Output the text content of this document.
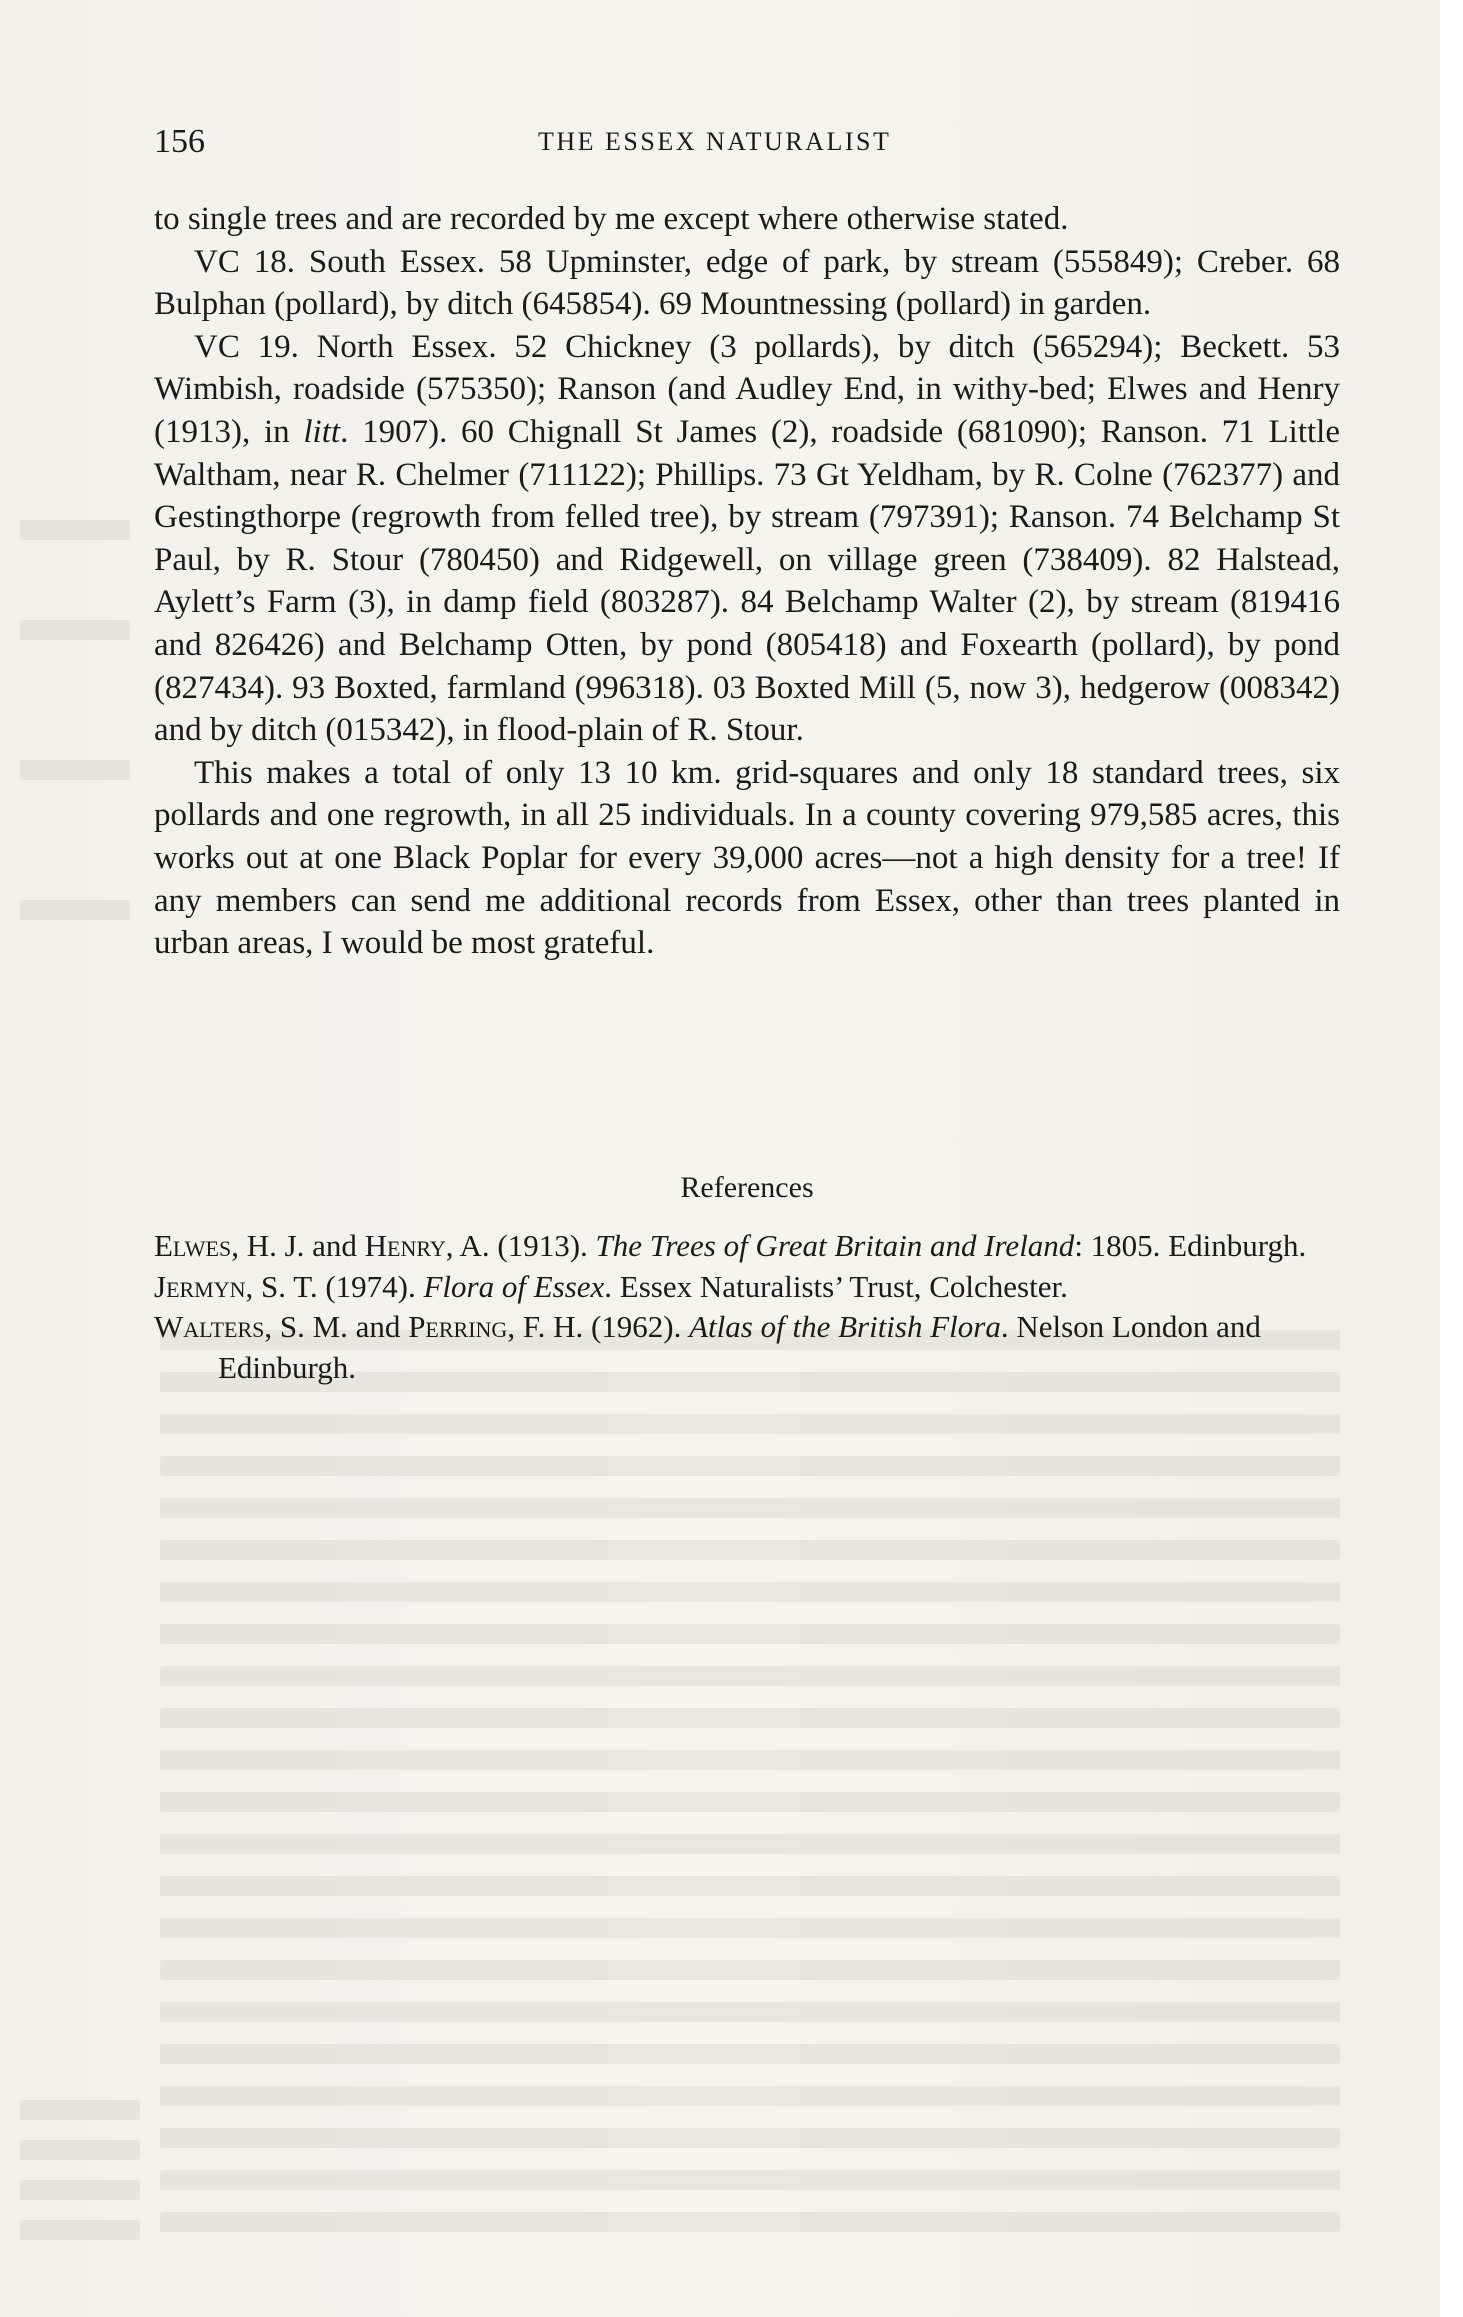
156	THE ESSEX NATURALIST

to single trees and are recorded by me except where otherwise stated.

VC 18. South Essex. 58 Upminster, edge of park, by stream (555849); Creber. 68 Bulphan (pollard), by ditch (645854). 69 Mountnessing (pollard) in garden.

VC 19. North Essex. 52 Chickney (3 pollards), by ditch (565294); Beckett. 53 Wimbish, roadside (575350); Ranson (and Audley End, in withy-bed; Elwes and Henry (1913), in litt. 1907). 60 Chignall St James (2), roadside (681090); Ranson. 71 Little Waltham, near R. Chelmer (711122); Phillips. 73 Gt Yeldham, by R. Colne (762377) and Gestingthorpe (regrowth from felled tree), by stream (797391); Ranson. 74 Belchamp St Paul, by R. Stour (780450) and Ridgewell, on village green (738409). 82 Halstead, Aylett’s Farm (3), in damp field (803287). 84 Belchamp Walter (2), by stream (819416 and 826426) and Belchamp Otten, by pond (805418) and Foxearth (pollard), by pond (827434). 93 Boxted, farmland (996318). 03 Boxted Mill (5, now 3), hedgerow (008342) and by ditch (015342), in flood-plain of R. Stour.

This makes a total of only 13 10 km. grid-squares and only 18 standard trees, six pollards and one regrowth, in all 25 individuals. In a county covering 979,585 acres, this works out at one Black Poplar for every 39,000 acres—not a high density for a tree! If any members can send me additional records from Essex, other than trees planted in urban areas, I would be most grateful.

References

Elwes, H. J. and Henry, A. (1913). The Trees of Great Britain and Ireland: 1805. Edinburgh.

Jermyn, S. T. (1974). Flora of Essex. Essex Naturalists’ Trust, Colchester.

Walters, S. M. and Perring, F. H. (1962). Atlas of the British Flora. Nelson London and Edinburgh.
